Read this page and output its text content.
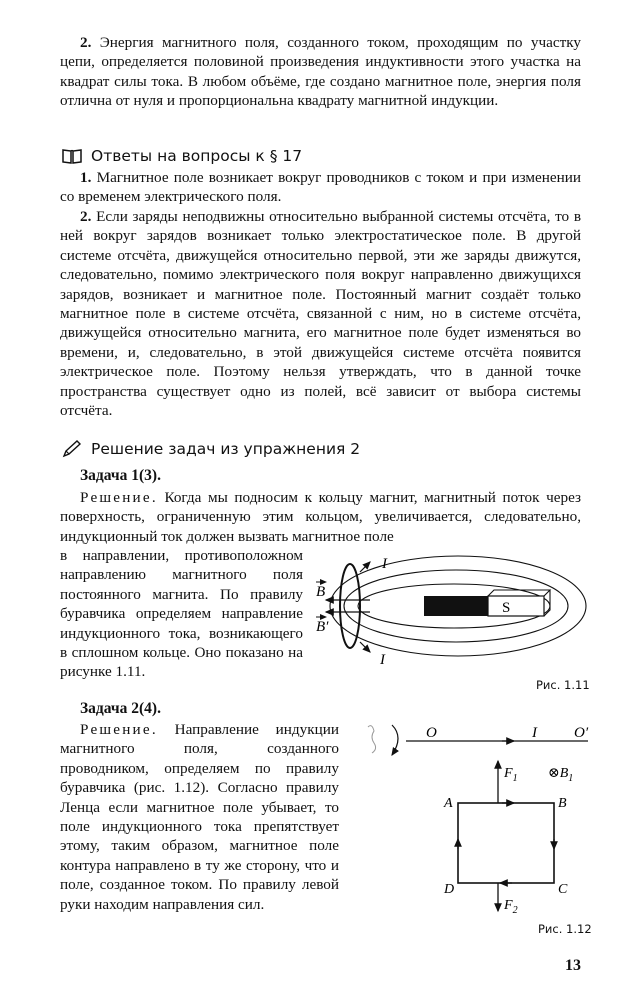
2. Энергия магнитного поля, созданного током, проходящим по участку цепи, определяется половиной произведения индуктивности этого участка на квадрат силы тока. В любом объёме, где создано магнитное поле, энергия поля отлична от нуля и пропорциональна квадрату магнитной индукции.

Ответы на вопросы к § 17

1. Магнитное поле возникает вокруг проводников с током и при изменении со временем электрического поля.

2. Если заряды неподвижны относительно выбранной системы отсчёта, то в ней вокруг зарядов возникает только электростатическое поле. В другой системе отсчёта, движущейся относительно первой, эти же заряды движутся, следовательно, помимо электрического поля вокруг направленно движущихся зарядов, возникает и магнитное поле. Постоянный магнит создаёт только магнитное поле в системе отсчёта, связанной с ним, но в системе отсчёта, движущейся относительно магнита, его магнитное поле будет изменяться во времени, и, следовательно, в этой движущейся системе отсчёта появится электрическое поле. Поэтому нельзя утверждать, что в данной точке пространства существует одно из полей, всё зависит от выбора системы отсчёта.

Решение задач из упражнения 2
Задача 1(3).

Решение. Когда мы подносим к кольцу магнит, магнитный поток через поверхность, ограниченную этим кольцом, увеличивается, следовательно, индукционный ток должен вызвать магнитное поле

в направлении, противоположном направлению магнитного поля постоянного магнита. По правилу буравчика определяем направление индукционного тока, возникающего в сплошном кольце. Оно показано на рисунке 1.11.

S
B
B′
I
I
Рис. 1.11
Задача 2(4).

Решение. Направление индукции магнитного поля, созданного проводником, определяем по правилу буравчика (рис. 1.12). Согласно правилу Ленца если магнитное поле убывает, то поле индукционного тока препятствует этому, таким образом, магнитное поле контура направлено в ту же сторону, что и поле, созданное током. По правилу левой руки находим направления сил.

O	I O′
$F_1$ $\otimes B_1$
A	B
C
D
$F_2$
Рис. 1.12
13
